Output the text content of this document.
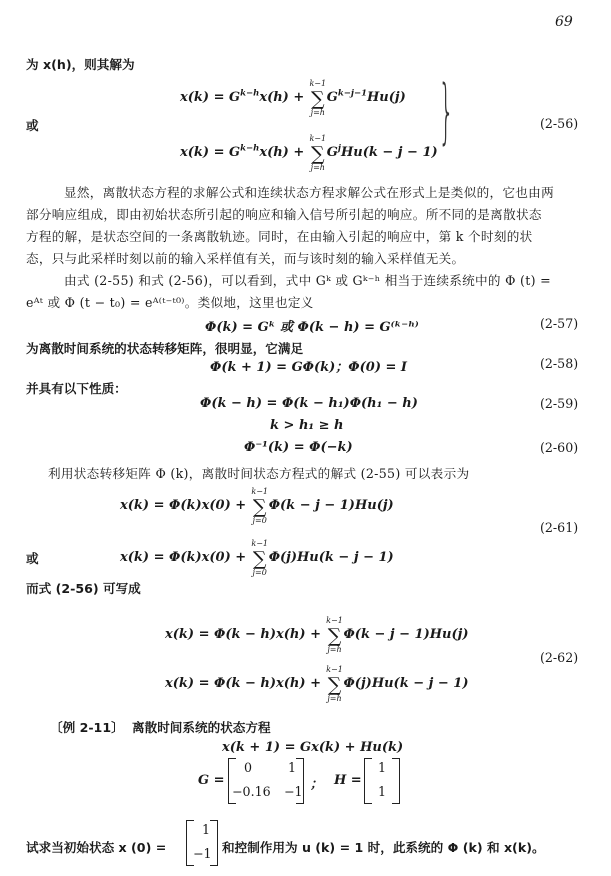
69
为 x(h)，则其解为
$x(k) = G^{k-h}x(h)$ + ∑
k−1
j=h
$G^{k-j-1}Hu(j)$
或
$x(k) = G^{k-h}x(h)$ + ∑
k−1
j=h
$G^jHu(k - j - 1)$
}	(2-56)
显然，离散状态方程的求解公式和连续状态方程求解公式在形式上是类似的，它也由两
部分响应组成，即由初始状态所引起的响应和输入信号所引起的响应。所不同的是离散状态
方程的解，是状态空间的一条离散轨迹。同时，在由输入引起的响应中，第 k 个时刻的状
态，只与此采样时刻以前的输入采样值有关，而与该时刻的输入采样值无关。
由式 (2-55) 和式 (2-56)，可以看到，式中 Gᵏ 或 Gᵏ⁻ʰ 相当于连续系统中的 Φ (t) =
eᴬᵗ 或 Φ (t − t₀) = eᴬ⁽ᵗ⁻ᵗ⁰⁾。类似地，这里也定义
Φ(k) = Gᵏ 或 Φ(k − h) = G⁽ᵏ⁻ʰ⁾	(2-57)
为离散时间系统的状态转移矩阵，很明显，它满足
Φ(k + 1) = GΦ(k)；Φ(0) = I	(2-58)
并具有以下性质：
Φ(k − h) = Φ(k − h₁)Φ(h₁ − h)	(2-59)
k > h₁ ≥ h
Φ⁻¹(k) = Φ(−k)	(2-60)
利用状态转移矩阵 Φ (k)，离散时间状态方程式的解式 (2-55) 可以表示为
x(k) = Φ(k)x(0) + ∑
k−1
j=0
Φ(k − j − 1)Hu(j)
(2-61)
或	x(k) = Φ(k)x(0) + ∑
k−1
j=0
Φ(j)Hu(k − j − 1)
而式 (2-56) 可写成
x(k) = Φ(k − h)x(h) + ∑
k−1
j=h
Φ(k − j − 1)Hu(j)
(2-62)
x(k) = Φ(k − h)x(h) + ∑
k−1
j=h
Φ(j)Hu(k − j − 1)
〔例 2-11〕 离散时间系统的状态方程
x(k + 1) = Gx(k) + Hu(k)
G =
0	1
−0.16 −1 ； H =
1
1
试求当初始状态 x (0) =
1
−1 和控制作用为 u (k) = 1 时，此系统的 Φ (k) 和 x(k)。
